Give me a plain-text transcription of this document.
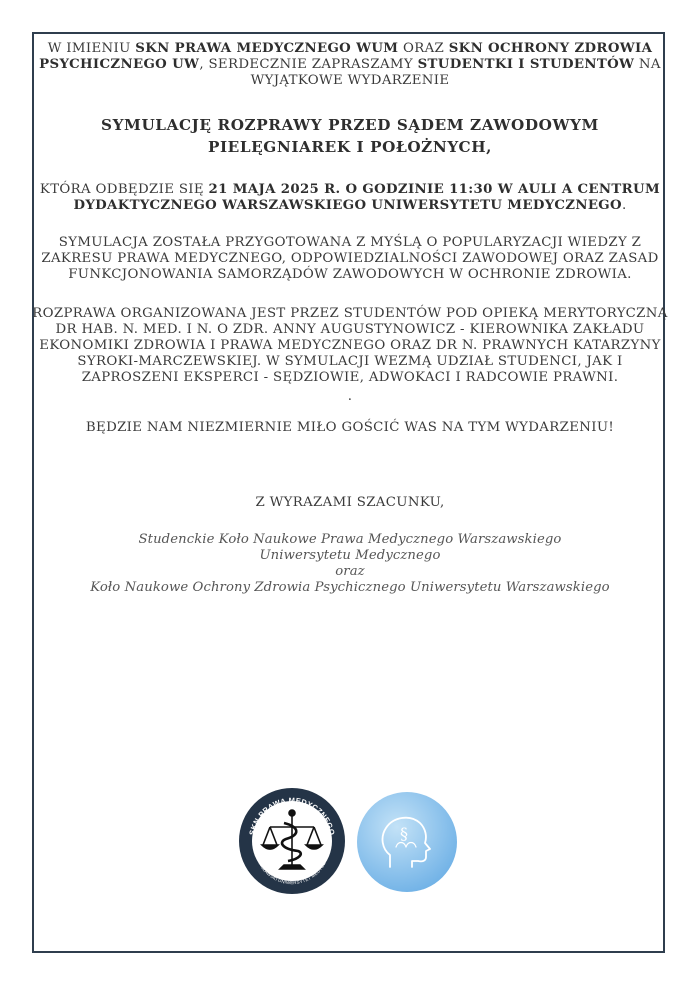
W IMIENIU SKN PRAWA MEDYCZNEGO WUM ORAZ SKN OCHRONY ZDROWIA PSYCHICZNEGO UW, SERDECZNIE ZAPRASZAMY STUDENTKI I STUDENTÓW NA WYJĄTKOWE WYDARZENIE

SYMULACJĘ ROZPRAWY PRZED SĄDEM ZAWODOWYM PIELĘGNIAREK I POŁOŻNYCH,

KTÓRA ODBĘDZIE SIĘ 21 MAJA 2025 R. O GODZINIE 11:30 W AULI A CENTRUM DYDAKTYCZNEGO WARSZAWSKIEGO UNIWERSYTETU MEDYCZNEGO.

SYMULACJA ZOSTAŁA PRZYGOTOWANA Z MYŚLĄ O POPULARYZACJI WIEDZY Z ZAKRESU PRAWA MEDYCZNEGO, ODPOWIEDZIALNOŚCI ZAWODOWEJ ORAZ ZASAD FUNKCJONOWANIA SAMORZĄDÓW ZAWODOWYCH W OCHRONIE ZDROWIA.

ROZPRAWA ORGANIZOWANA JEST PRZEZ STUDENTÓW POD OPIEKĄ MERYTORYCZNĄ DR HAB. N. MED. I N. O ZDR. ANNY AUGUSTYNOWICZ - KIEROWNIKA ZAKŁADU EKONOMIKI ZDROWIA I PRAWA MEDYCZNEGO ORAZ DR N. PRAWNYCH KATARZYNY SYROKI-MARCZEWSKIEJ. W SYMULACJI WEZMĄ UDZIAŁ STUDENCI, JAK I ZAPROSZENI EKSPERCI - SĘDZIOWIE, ADWOKACI I RADCOWIE PRAWNI.

.

BĘDZIE NAM NIEZMIERNIE MIŁO GOŚCIĆ WAS NA TYM WYDARZENIU!

Z WYRAZAMI SZACUNKU,

Studenckie Koło Naukowe Prawa Medycznego Warszawskiego
Uniwersytetu Medycznego
oraz
Koło Naukowe Ochrony Zdrowia Psychicznego Uniwersytetu Warszawskiego
SKN PRAWA MEDYCZNEGO
WARSZAWSKI UNIWERSYTET MEDYCZNY
§
